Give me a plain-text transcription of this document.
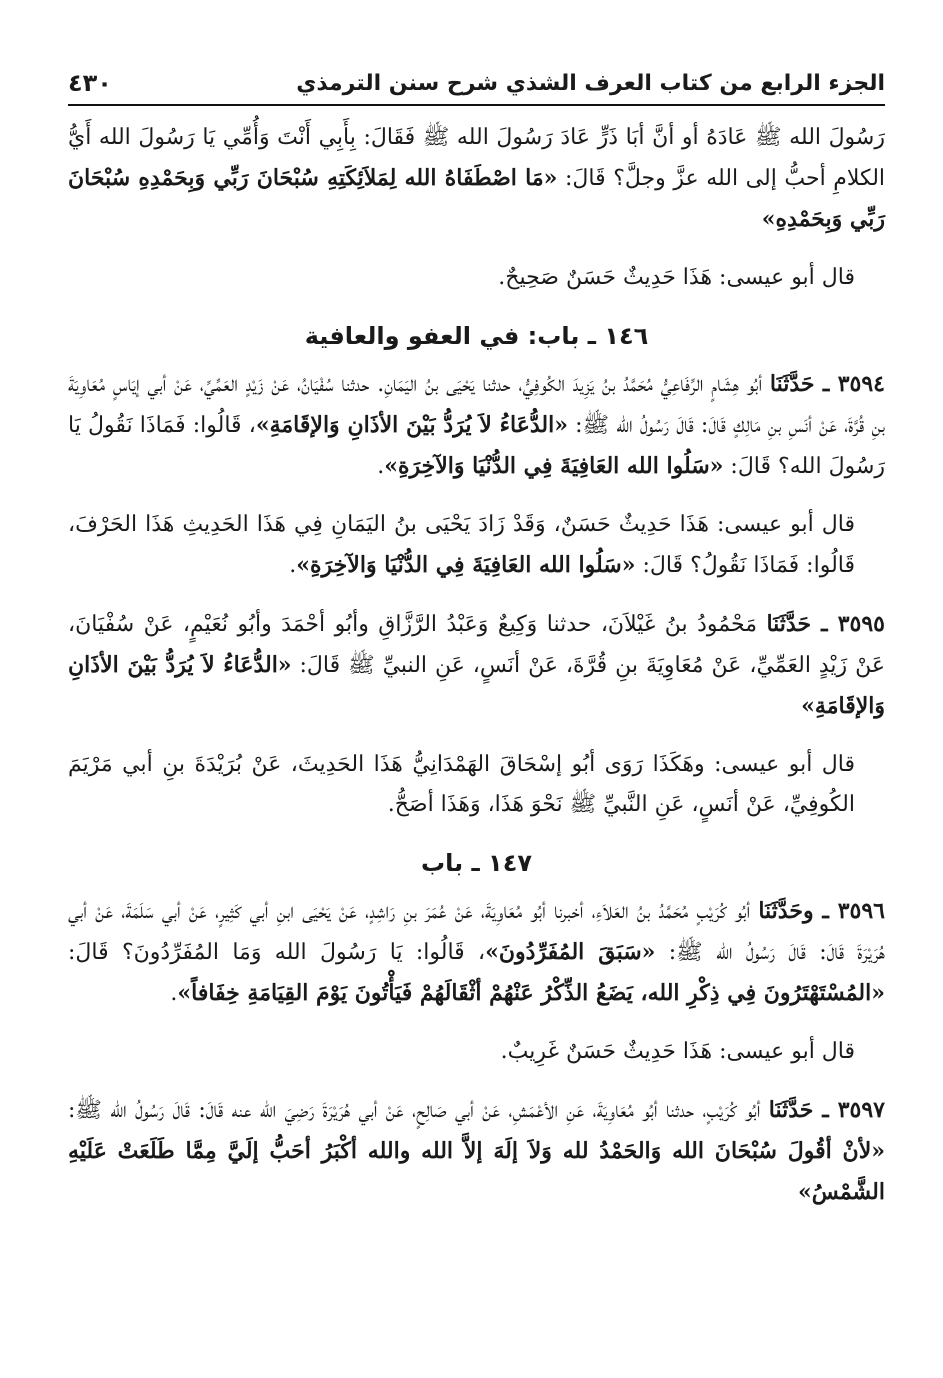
الجزء الرابع من كتاب العرف الشذي شرح سنن الترمذي
٤٣٠

رَسُولَ الله ﷺ عَادَهُ أو أنَّ أبَا ذَرٍّ عَادَ رَسُولَ الله ﷺ فَقَالَ: بِأَبِي أَنْتَ وَأُمِّي يَا رَسُولَ الله أَيُّ الكلامِ أحبُّ إلى الله عزَّ وجلَّ؟ قَالَ: «مَا اصْطَفَاهُ الله لِمَلاَئِكَتِهِ سُبْحَانَ رَبِّي وَبِحَمْدِهِ سُبْحَانَ رَبِّي وَبِحَمْدِهِ»

قال أبو عيسى: هَذَا حَدِيثٌ حَسَنٌ صَحِيحٌ.

١٤٦ ـ باب: في العفو والعافية

٣٥٩٤ ـ حَدَّثَنَا أبُو هِشَامٍ الرِّفَاعِيُّ مُحَمَّدُ بنُ يَزِيدَ الكُوفِيُّ، حدثنا يَحْيَى بنُ اليَمَانِ. حدثنا سُفْيَانُ، عَنْ زَيْدٍ العَمِّيِّ، عَنْ أبي إيَاسٍ مُعَاوِيَةَ بنِ قُرَّةَ، عَنْ أنَسِ بنِ مَالِكٍ قَالَ: قَالَ رَسُولُ الله ﷺ: «الدُّعَاءُ لاَ يُرَدُّ بَيْنَ الأذَانِ وَالإقَامَةِ»، قَالُوا: فَمَاذَا نَقُولُ يَا رَسُولَ الله؟ قَالَ: «سَلُوا الله العَافِيَةَ فِي الدُّنْيَا وَالآخِرَةِ».

قال أبو عيسى: هَذَا حَدِيثٌ حَسَنٌ، وَقَدْ زَادَ يَحْيَى بنُ اليَمَانِ فِي هَذَا الحَدِيثِ هَذَا الحَرْفَ، قَالُوا: فَمَاذَا نَقُولُ؟ قَالَ: «سَلُوا الله العَافِيَةَ فِي الدُّنْيَا وَالآخِرَةِ».

٣٥٩٥ ـ حَدَّثَنَا مَحْمُودُ بنُ غَيْلاَنَ، حدثنا وَكِيعٌ وَعَبْدُ الرَّزَّاقِ وأبُو أحْمَدَ وأبُو نُعَيْمٍ، عَنْ سُفْيَانَ، عَنْ زَيْدٍ العَمِّيِّ، عَنْ مُعَاوِيَةَ بنِ قُرَّةَ، عَنْ أنَسٍ، عَنِ النبيِّ ﷺ قَالَ: «الدُّعَاءُ لاَ يُرَدُّ بَيْنَ الأذَانِ وَالإقَامَةِ»

قال أبو عيسى: وهَكَذَا رَوَى أبُو إسْحَاقَ الهَمْدَانِيُّ هَذَا الحَدِيثَ، عَنْ بُرَيْدَةَ بنِ أبي مَرْيَمَ الكُوفِيِّ، عَنْ أنَسٍ، عَنِ النَّبيِّ ﷺ نَحْوَ هَذَا، وَهَذَا أصَحُّ.

١٤٧ ـ باب

٣٥٩٦ ـ وحَدَّثَنَا أبُو كُرَيْبٍ مُحَمَّدُ بنُ العَلاَءِ، أخبرنا أبُو مُعَاوِيَةَ، عَنْ عُمَرَ بنِ رَاشِدٍ، عَنْ يَحْيَى ابنِ أبي كَثِيرٍ، عَنْ أبي سَلَمَةَ، عَنْ أبي هُرَيْرَةَ قَالَ: قَالَ رَسُولُ الله ﷺ: «سَبَقَ المُفَرِّدُونَ»، قَالُوا: يَا رَسُولَ الله وَمَا المُفَرِّدُونَ؟ قَالَ: «المُسْتَهْتَرُونَ فِي ذِكْرِ الله، يَضَعُ الذِّكْرُ عَنْهُمْ أثْقَالَهُمْ فَيَأْتُونَ يَوْمَ القِيَامَةِ خِفَافاً».

قال أبو عيسى: هَذَا حَدِيثٌ حَسَنٌ غَرِيبٌ.

٣٥٩٧ ـ حَدَّثَنَا أبُو كُرَيْبٍ، حدثنا أبُو مُعَاوِيَةَ، عَنِ الأعْمَشِ، عَنْ أبي صَالِحٍ، عَنْ أبي هُرَيْرَةَ رَضِيَ الله عنه قَالَ: قَالَ رَسُولُ الله ﷺ: «لأنْ أقُولَ سُبْحَانَ الله وَالحَمْدُ لله وَلاَ إلَهَ إلاَّ الله والله أكْبَرُ أحَبُّ إلَيَّ مِمَّا طَلَعَتْ عَلَيْهِ الشَّمْسُ»
